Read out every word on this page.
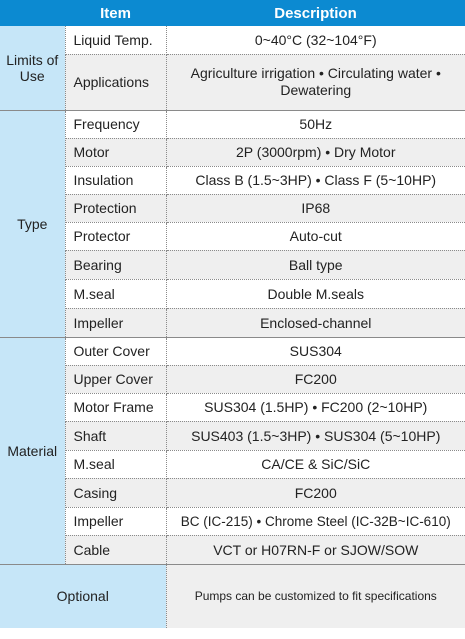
	Item	Description
Limits of Use	Liquid Temp.	0~40°C (32~104°F)
	Applications	Agriculture irrigation • Circulating water • Dewatering
Type	Frequency	50Hz
	Motor	2P (3000rpm) • Dry Motor
	Insulation	Class B (1.5~3HP) • Class F (5~10HP)
	Protection	IP68
	Protector	Auto-cut
	Bearing	Ball type
	M.seal	Double M.seals
	Impeller	Enclosed-channel
Material	Outer Cover	SUS304
	Upper Cover	FC200
	Motor Frame	SUS304 (1.5HP) • FC200 (2~10HP)
	Shaft	SUS403 (1.5~3HP) • SUS304 (5~10HP)
	M.seal	CA/CE & SiC/SiC
	Casing	FC200
	Impeller	BC (IC-215) • Chrome Steel (IC-32B~IC-610)
	Cable	VCT or H07RN-F or SJOW/SOW
Optional		Pumps can be customized to fit specifications
